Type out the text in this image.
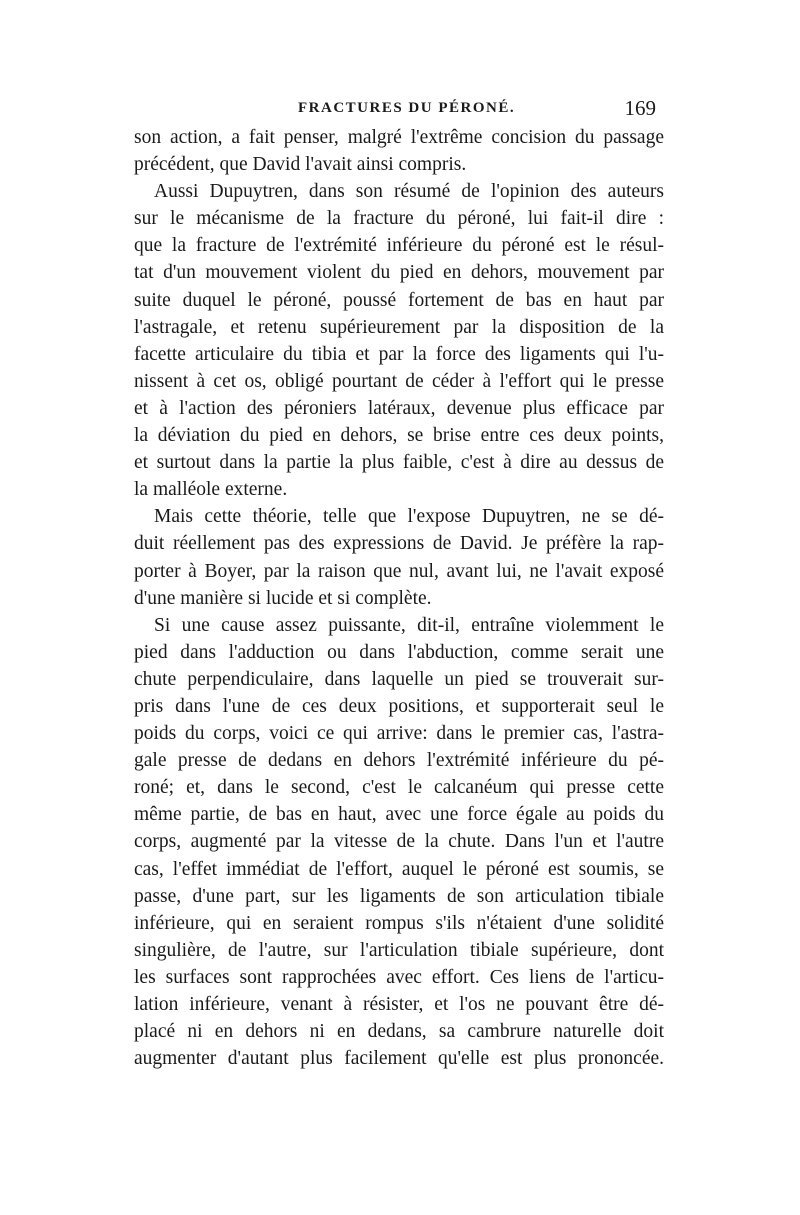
FRACTURES DU PÉRONÉ.	169
son action, a fait penser, malgré l'extrême concision du passage
précédent, que David l'avait ainsi compris.
Aussi Dupuytren, dans son résumé de l'opinion des auteurs
sur le mécanisme de la fracture du péroné, lui fait-il dire :
que la fracture de l'extrémité inférieure du péroné est le résul-
tat d'un mouvement violent du pied en dehors, mouvement par
suite duquel le péroné, poussé fortement de bas en haut par
l'astragale, et retenu supérieurement par la disposition de la
facette articulaire du tibia et par la force des ligaments qui l'u-
nissent à cet os, obligé pourtant de céder à l'effort qui le presse
et à l'action des péroniers latéraux, devenue plus efficace par
la déviation du pied en dehors, se brise entre ces deux points,
et surtout dans la partie la plus faible, c'est à dire au dessus de
la malléole externe.
Mais cette théorie, telle que l'expose Dupuytren, ne se dé-
duit réellement pas des expressions de David. Je préfère la rap-
porter à Boyer, par la raison que nul, avant lui, ne l'avait exposé
d'une manière si lucide et si complète.
Si une cause assez puissante, dit-il, entraîne violemment le
pied dans l'adduction ou dans l'abduction, comme serait une
chute perpendiculaire, dans laquelle un pied se trouverait sur-
pris dans l'une de ces deux positions, et supporterait seul le
poids du corps, voici ce qui arrive: dans le premier cas, l'astra-
gale presse de dedans en dehors l'extrémité inférieure du pé-
roné; et, dans le second, c'est le calcanéum qui presse cette
même partie, de bas en haut, avec une force égale au poids du
corps, augmenté par la vitesse de la chute. Dans l'un et l'autre
cas, l'effet immédiat de l'effort, auquel le péroné est soumis, se
passe, d'une part, sur les ligaments de son articulation tibiale
inférieure, qui en seraient rompus s'ils n'étaient d'une solidité
singulière, de l'autre, sur l'articulation tibiale supérieure, dont
les surfaces sont rapprochées avec effort. Ces liens de l'articu-
lation inférieure, venant à résister, et l'os ne pouvant être dé-
placé ni en dehors ni en dedans, sa cambrure naturelle doit
augmenter d'autant plus facilement qu'elle est plus prononcée.
